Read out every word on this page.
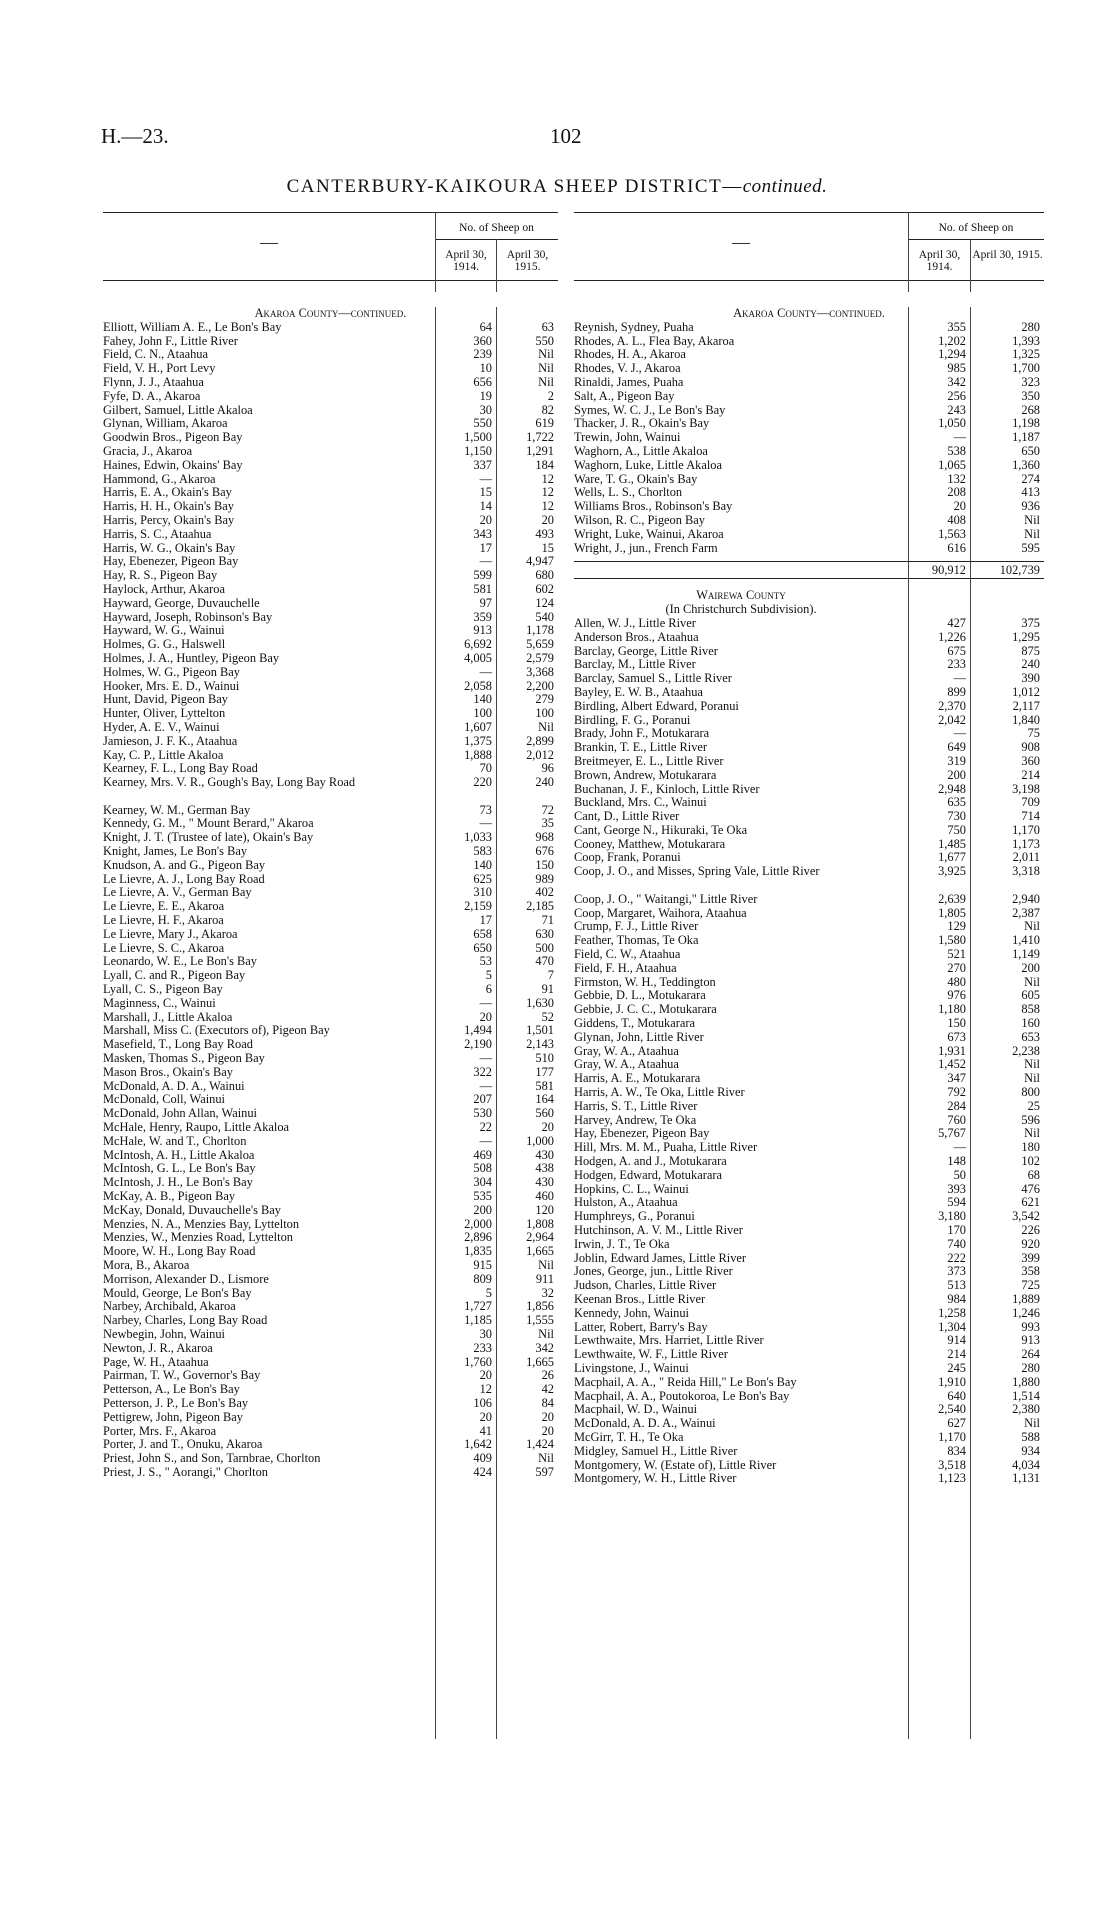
H.—23.	102
CANTERBURY-KAIKOURA SHEEP DISTRICT—continued.
—
No. of Sheep on
April 30, 1914.
April 30, 1915.
Akaroa County—continued.
Elliott, William A. E., Le Bon's Bay	64	63
Fahey, John F., Little River	360	550
Field, C. N., Ataahua	239	Nil
Field, V. H., Port Levy	10	Nil
Flynn, J. J., Ataahua	656	Nil
Fyfe, D. A., Akaroa	19	2
Gilbert, Samuel, Little Akaloa	30	82
Glynan, William, Akaroa	550	619
Goodwin Bros., Pigeon Bay	1,500	1,722
Gracia, J., Akaroa	1,150	1,291
Haines, Edwin, Okains' Bay	337	184
Hammond, G., Akaroa	—	12
Harris, E. A., Okain's Bay	15	12
Harris, H. H., Okain's Bay	14	12
Harris, Percy, Okain's Bay	20	20
Harris, S. C., Ataahua	343	493
Harris, W. G., Okain's Bay	17	15
Hay, Ebenezer, Pigeon Bay	—	4,947
Hay, R. S., Pigeon Bay	599	680
Haylock, Arthur, Akaroa	581	602
Hayward, George, Duvauchelle	97	124
Hayward, Joseph, Robinson's Bay	359	540
Hayward, W. G., Wainui	913	1,178
Holmes, G. G., Halswell	6,692	5,659
Holmes, J. A., Huntley, Pigeon Bay	4,005	2,579
Holmes, W. G., Pigeon Bay	—	3,368
Hooker, Mrs. E. D., Wainui	2,058	2,200
Hunt, David, Pigeon Bay	140	279
Hunter, Oliver, Lyttelton	100	100
Hyder, A. E. V., Wainui	1,607	Nil
Jamieson, J. F. K., Ataahua	1,375	2,899
Kay, C. P., Little Akaloa	1,888	2,012
Kearney, F. L., Long Bay Road	70	96
Kearney, Mrs. V. R., Gough's Bay, Long Bay Road	220	240
Kearney, W. M., German Bay	73	72
Kennedy, G. M., " Mount Berard," Akaroa	—	35
Knight, J. T. (Trustee of late), Okain's Bay	1,033	968
Knight, James, Le Bon's Bay	583	676
Knudson, A. and G., Pigeon Bay	140	150
Le Lievre, A. J., Long Bay Road	625	989
Le Lievre, A. V., German Bay	310	402
Le Lievre, E. E., Akaroa	2,159	2,185
Le Lievre, H. F., Akaroa	17	71
Le Lievre, Mary J., Akaroa	658	630
Le Lievre, S. C., Akaroa	650	500
Leonardo, W. E., Le Bon's Bay	53	470
Lyall, C. and R., Pigeon Bay	5	7
Lyall, C. S., Pigeon Bay	6	91
Maginness, C., Wainui	—	1,630
Marshall, J., Little Akaloa	20	52
Marshall, Miss C. (Executors of), Pigeon Bay	1,494	1,501
Masefield, T., Long Bay Road	2,190	2,143
Masken, Thomas S., Pigeon Bay	—	510
Mason Bros., Okain's Bay	322	177
McDonald, A. D. A., Wainui	—	581
McDonald, Coll, Wainui	207	164
McDonald, John Allan, Wainui	530	560
McHale, Henry, Raupo, Little Akaloa	22	20
McHale, W. and T., Chorlton	—	1,000
McIntosh, A. H., Little Akaloa	469	430
McIntosh, G. L., Le Bon's Bay	508	438
McIntosh, J. H., Le Bon's Bay	304	430
McKay, A. B., Pigeon Bay	535	460
McKay, Donald, Duvauchelle's Bay	200	120
Menzies, N. A., Menzies Bay, Lyttelton	2,000	1,808
Menzies, W., Menzies Road, Lyttelton	2,896	2,964
Moore, W. H., Long Bay Road	1,835	1,665
Mora, B., Akaroa	915	Nil
Morrison, Alexander D., Lismore	809	911
Mould, George, Le Bon's Bay	5	32
Narbey, Archibald, Akaroa	1,727	1,856
Narbey, Charles, Long Bay Road	1,185	1,555
Newbegin, John, Wainui	30	Nil
Newton, J. R., Akaroa	233	342
Page, W. H., Ataahua	1,760	1,665
Pairman, T. W., Governor's Bay	20	26
Petterson, A., Le Bon's Bay	12	42
Petterson, J. P., Le Bon's Bay	106	84
Pettigrew, John, Pigeon Bay	20	20
Porter, Mrs. F., Akaroa	41	20
Porter, J. and T., Onuku, Akaroa	1,642	1,424
Priest, John S., and Son, Tarnbrae, Chorlton	409	Nil
Priest, J. S., " Aorangi," Chorlton	424	597
—
No. of Sheep on
April 30, 1914.
April 30, 1915.
Akaroa County—continued.
Reynish, Sydney, Puaha	355	280
Rhodes, A. L., Flea Bay, Akaroa	1,202	1,393
Rhodes, H. A., Akaroa	1,294	1,325
Rhodes, V. J., Akaroa	985	1,700
Rinaldi, James, Puaha	342	323
Salt, A., Pigeon Bay	256	350
Symes, W. C. J., Le Bon's Bay	243	268
Thacker, J. R., Okain's Bay	1,050	1,198
Trewin, John, Wainui	—	1,187
Waghorn, A., Little Akaloa	538	650
Waghorn, Luke, Little Akaloa	1,065	1,360
Ware, T. G., Okain's Bay	132	274
Wells, L. S., Chorlton	208	413
Williams Bros., Robinson's Bay	20	936
Wilson, R. C., Pigeon Bay	408	Nil
Wright, Luke, Wainui, Akaroa	1,563	Nil
Wright, J., jun., French Farm	616	595
90,912	102,739
Wairewa County
(In Christchurch Subdivision).
Allen, W. J., Little River	427	375
Anderson Bros., Ataahua	1,226	1,295
Barclay, George, Little River	675	875
Barclay, M., Little River	233	240
Barclay, Samuel S., Little River	—	390
Bayley, E. W. B., Ataahua	899	1,012
Birdling, Albert Edward, Poranui	2,370	2,117
Birdling, F. G., Poranui	2,042	1,840
Brady, John F., Motukarara	—	75
Brankin, T. E., Little River	649	908
Breitmeyer, E. L., Little River	319	360
Brown, Andrew, Motukarara	200	214
Buchanan, J. F., Kinloch, Little River	2,948	3,198
Buckland, Mrs. C., Wainui	635	709
Cant, D., Little River	730	714
Cant, George N., Hikuraki, Te Oka	750	1,170
Cooney, Matthew, Motukarara	1,485	1,173
Coop, Frank, Poranui	1,677	2,011
Coop, J. O., and Misses, Spring Vale, Little River	3,925	3,318
Coop, J. O., " Waitangi," Little River	2,639	2,940
Coop, Margaret, Waihora, Ataahua	1,805	2,387
Crump, F. J., Little River	129	Nil
Feather, Thomas, Te Oka	1,580	1,410
Field, C. W., Ataahua	521	1,149
Field, F. H., Ataahua	270	200
Firmston, W. H., Teddington	480	Nil
Gebbie, D. L., Motukarara	976	605
Gebbie, J. C. C., Motukarara	1,180	858
Giddens, T., Motukarara	150	160
Glynan, John, Little River	673	653
Gray, W. A., Ataahua	1,931	2,238
Gray, W. A., Ataahua	1,452	Nil
Harris, A. E., Motukarara	347	Nil
Harris, A. W., Te Oka, Little River	792	800
Harris, S. T., Little River	284	25
Harvey, Andrew, Te Oka	760	596
Hay, Ebenezer, Pigeon Bay	5,767	Nil
Hill, Mrs. M. M., Puaha, Little River	—	180
Hodgen, A. and J., Motukarara	148	102
Hodgen, Edward, Motukarara	50	68
Hopkins, C. L., Wainui	393	476
Hulston, A., Ataahua	594	621
Humphreys, G., Poranui	3,180	3,542
Hutchinson, A. V. M., Little River	170	226
Irwin, J. T., Te Oka	740	920
Joblin, Edward James, Little River	222	399
Jones, George, jun., Little River	373	358
Judson, Charles, Little River	513	725
Keenan Bros., Little River	984	1,889
Kennedy, John, Wainui	1,258	1,246
Latter, Robert, Barry's Bay	1,304	993
Lewthwaite, Mrs. Harriet, Little River	914	913
Lewthwaite, W. F., Little River	214	264
Livingstone, J., Wainui	245	280
Macphail, A. A., " Reida Hill," Le Bon's Bay	1,910	1,880
Macphail, A. A., Poutokoroa, Le Bon's Bay	640	1,514
Macphail, W. D., Wainui	2,540	2,380
McDonald, A. D. A., Wainui	627	Nil
McGirr, T. H., Te Oka	1,170	588
Midgley, Samuel H., Little River	834	934
Montgomery, W. (Estate of), Little River	3,518	4,034
Montgomery, W. H., Little River	1,123	1,131
